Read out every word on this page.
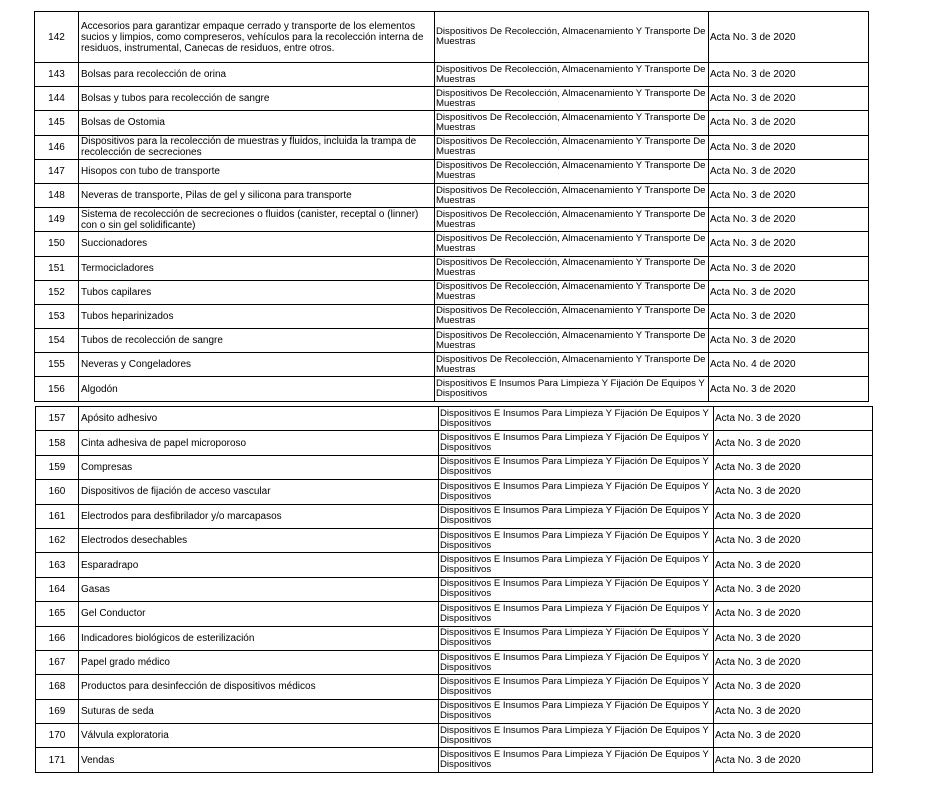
142	Accesorios para garantizar empaque cerrado y transporte de los elementos sucios y limpios, como compreseros, vehículos para la recolección interna de residuos, instrumental, Canecas de residuos, entre otros.	Dispositivos De Recolección, Almacenamiento Y Transporte De Muestras	Acta No. 3 de 2020
143	Bolsas para recolección de orina	Dispositivos De Recolección, Almacenamiento Y Transporte De Muestras	Acta No. 3 de 2020
144	Bolsas y tubos para recolección de sangre	Dispositivos De Recolección, Almacenamiento Y Transporte De Muestras	Acta No. 3 de 2020
145	Bolsas de Ostomia	Dispositivos De Recolección, Almacenamiento Y Transporte De Muestras	Acta No. 3 de 2020
146	Dispositivos para la recolección de muestras y fluidos, incluida la trampa de recolección de secreciones	Dispositivos De Recolección, Almacenamiento Y Transporte De Muestras	Acta No. 3 de 2020
147	Hisopos con tubo de transporte	Dispositivos De Recolección, Almacenamiento Y Transporte De Muestras	Acta No. 3 de 2020
148	Neveras de transporte, Pilas de gel y silicona para transporte	Dispositivos De Recolección, Almacenamiento Y Transporte De Muestras	Acta No. 3 de 2020
149	Sistema de recolección de secreciones o fluidos (canister, receptal o (linner) con o sin gel solidificante)	Dispositivos De Recolección, Almacenamiento Y Transporte De Muestras	Acta No. 3 de 2020
150	Succionadores	Dispositivos De Recolección, Almacenamiento Y Transporte De Muestras	Acta No. 3 de 2020
151	Termocicladores	Dispositivos De Recolección, Almacenamiento Y Transporte De Muestras	Acta No. 3 de 2020
152	Tubos capilares	Dispositivos De Recolección, Almacenamiento Y Transporte De Muestras	Acta No. 3 de 2020
153	Tubos heparinizados	Dispositivos De Recolección, Almacenamiento Y Transporte De Muestras	Acta No. 3 de 2020
154	Tubos de recolección de sangre	Dispositivos De Recolección, Almacenamiento Y Transporte De Muestras	Acta No. 3 de 2020
155	Neveras y Congeladores	Dispositivos De Recolección, Almacenamiento Y Transporte De Muestras	Acta No. 4 de 2020
156	Algodón	Dispositivos E Insumos Para Limpieza Y Fijación De Equipos Y Dispositivos	Acta No. 3 de 2020
157	Apósito adhesivo	Dispositivos E Insumos Para Limpieza Y Fijación De Equipos Y Dispositivos	Acta No. 3 de 2020
158	Cinta adhesiva de papel microporoso	Dispositivos E Insumos Para Limpieza Y Fijación De Equipos Y Dispositivos	Acta No. 3 de 2020
159	Compresas	Dispositivos E Insumos Para Limpieza Y Fijación De Equipos Y Dispositivos	Acta No. 3 de 2020
160	Dispositivos de fijación de acceso vascular	Dispositivos E Insumos Para Limpieza Y Fijación De Equipos Y Dispositivos	Acta No. 3 de 2020
161	Electrodos para desfibrilador y/o marcapasos	Dispositivos E Insumos Para Limpieza Y Fijación De Equipos Y Dispositivos	Acta No. 3 de 2020
162	Electrodos desechables	Dispositivos E Insumos Para Limpieza Y Fijación De Equipos Y Dispositivos	Acta No. 3 de 2020
163	Esparadrapo	Dispositivos E Insumos Para Limpieza Y Fijación De Equipos Y Dispositivos	Acta No. 3 de 2020
164	Gasas	Dispositivos E Insumos Para Limpieza Y Fijación De Equipos Y Dispositivos	Acta No. 3 de 2020
165	Gel Conductor	Dispositivos E Insumos Para Limpieza Y Fijación De Equipos Y Dispositivos	Acta No. 3 de 2020
166	Indicadores biológicos de esterilización	Dispositivos E Insumos Para Limpieza Y Fijación De Equipos Y Dispositivos	Acta No. 3 de 2020
167	Papel grado médico	Dispositivos E Insumos Para Limpieza Y Fijación De Equipos Y Dispositivos	Acta No. 3 de 2020
168	Productos para desinfección de dispositivos médicos	Dispositivos E Insumos Para Limpieza Y Fijación De Equipos Y Dispositivos	Acta No. 3 de 2020
169	Suturas de seda	Dispositivos E Insumos Para Limpieza Y Fijación De Equipos Y Dispositivos	Acta No. 3 de 2020
170	Válvula exploratoria	Dispositivos E Insumos Para Limpieza Y Fijación De Equipos Y Dispositivos	Acta No. 3 de 2020
171	Vendas	Dispositivos E Insumos Para Limpieza Y Fijación De Equipos Y Dispositivos	Acta No. 3 de 2020
